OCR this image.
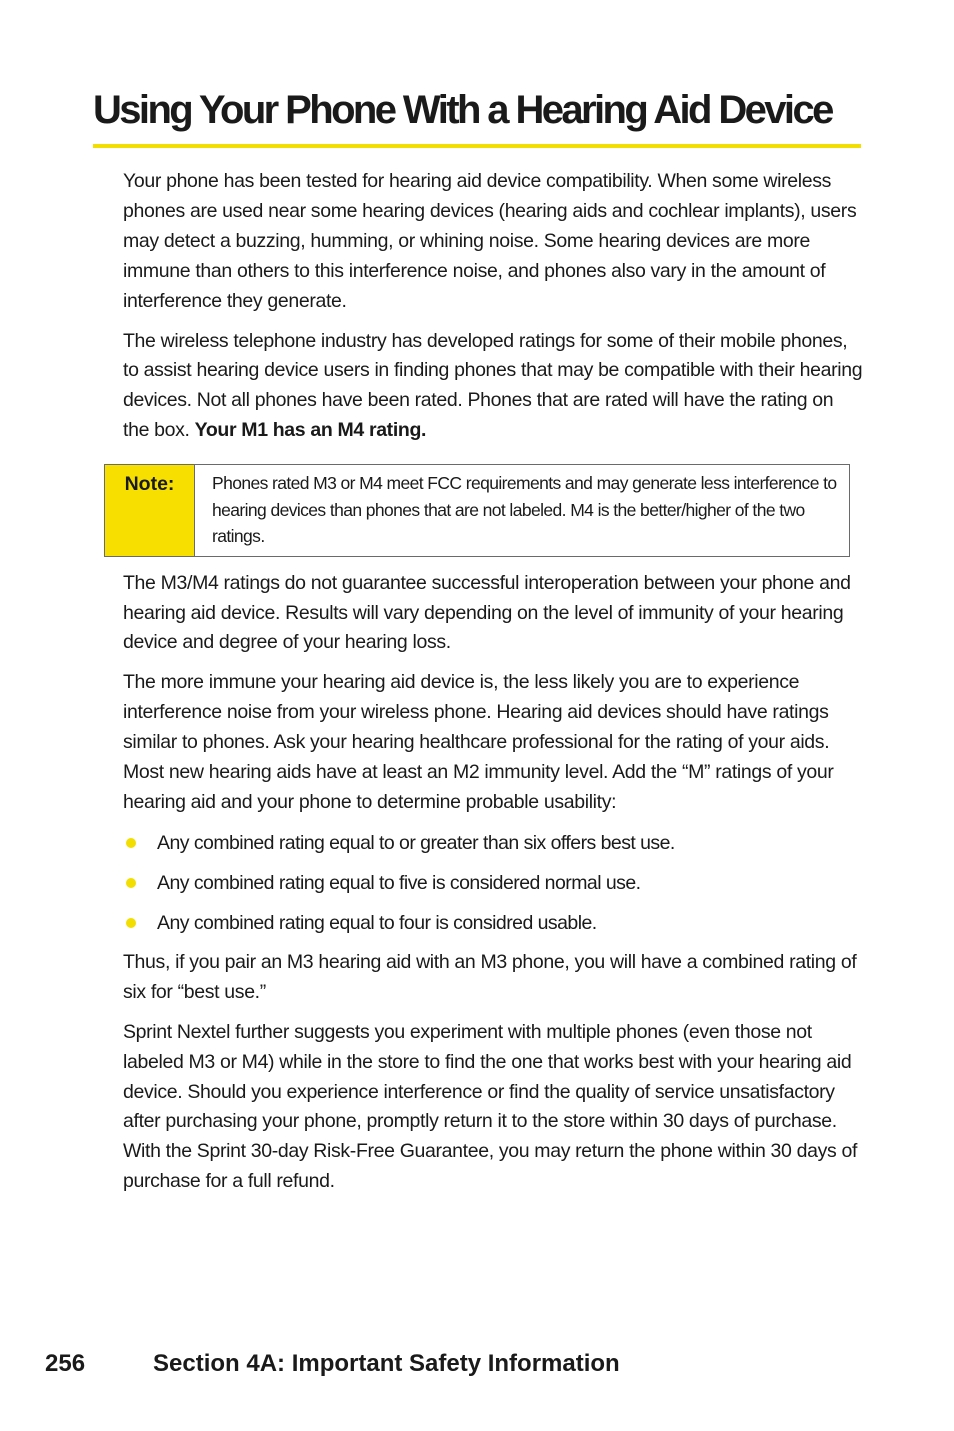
Using Your Phone With a Hearing Aid Device

Your phone has been tested for hearing aid device compatibility. When some wireless phones are used near some hearing devices (hearing aids and cochlear implants), users may detect a buzzing, humming, or whining noise. Some hearing devices are more immune than others to this interference noise, and phones also vary in the amount of interference they generate.

The wireless telephone industry has developed ratings for some of their mobile phones, to assist hearing device users in finding phones that may be compatible with their hearing devices. Not all phones have been rated. Phones that are rated will have the rating on the box. Your M1 has an M4 rating.

Note:	Phones rated M3 or M4 meet FCC requirements and may generate less interference to hearing devices than phones that are not labeled. M4 is the better/higher of the two ratings.

The M3/M4 ratings do not guarantee successful interoperation between your phone and hearing aid device. Results will vary depending on the level of immunity of your hearing device and degree of your hearing loss.

The more immune your hearing aid device is, the less likely you are to experience interference noise from your wireless phone. Hearing aid devices should have ratings similar to phones. Ask your hearing healthcare professional for the rating of your aids. Most new hearing aids have at least an M2 immunity level. Add the “M” ratings of your hearing aid and your phone to determine probable usability:

Any combined rating equal to or greater than six offers best use.
Any combined rating equal to five is considered normal use.
Any combined rating equal to four is considred usable.

Thus, if you pair an M3 hearing aid with an M3 phone, you will have a combined rating of six for “best use.”

Sprint Nextel further suggests you experiment with multiple phones (even those not labeled M3 or M4) while in the store to find the one that works best with your hearing aid device. Should you experience interference or find the quality of service unsatisfactory after purchasing your phone, promptly return it to the store within 30 days of purchase. With the Sprint 30-day Risk-Free Guarantee, you may return the phone within 30 days of purchase for a full refund.

256	Section 4A: Important Safety Information
